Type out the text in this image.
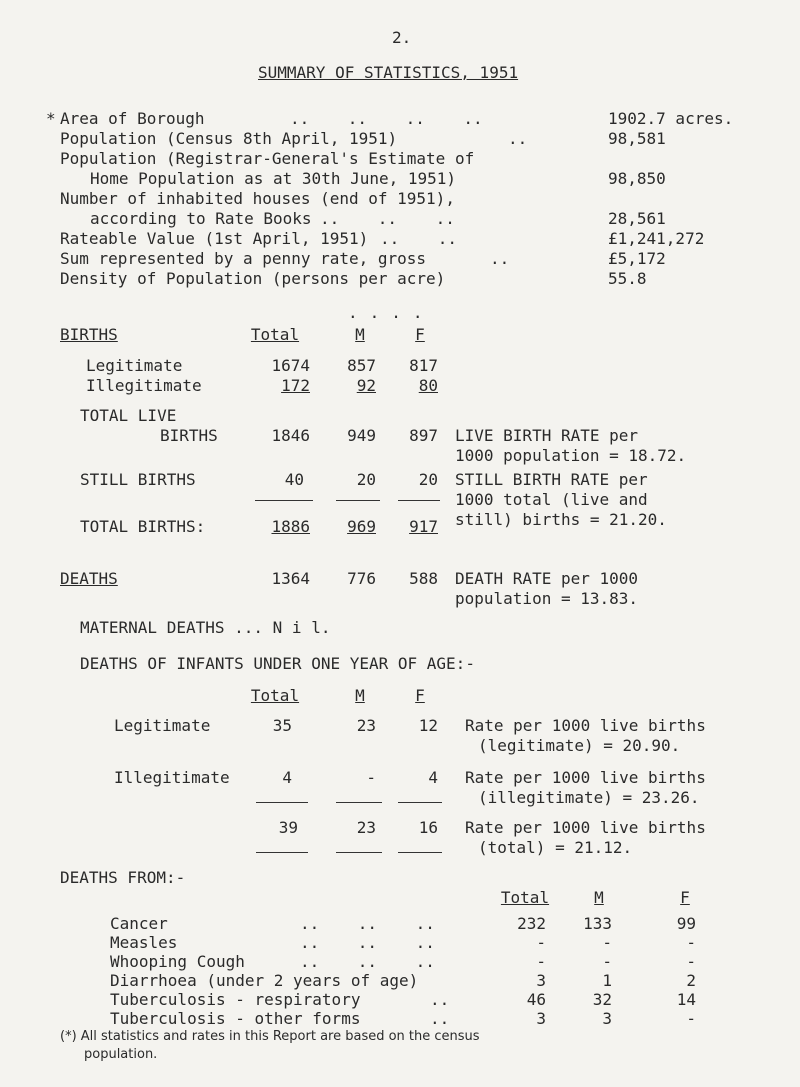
2.
SUMMARY OF STATISTICS, 1951
* Area of Borough	..    ..    ..    ..	1902.7 acres.
Population (Census 8th April, 1951)	..	98,581
Population (Registrar-General's Estimate of
Home Population as at 30th June, 1951)	98,850
Number of inhabited houses (end of 1951),
according to Rate Books ..    ..    ..	28,561
Rateable Value (1st April, 1951) ..    ..	£1,241,272
Sum represented by a penny rate, gross	..	£5,172
Density of Population (persons per acre)	55.8
....
BIRTHS	Total	M	F
Legitimate	1674	857	817
Illegitimate	172	92	80
TOTAL LIVE
BIRTHS	1846	949	897 LIVE BIRTH RATE per
1000 population = 18.72.
STILL BIRTHS	40	20	20 STILL BIRTH RATE per
1000 total (live and
still) births = 21.20.
TOTAL BIRTHS:	1886	969	917
DEATHS	1364	776	588 DEATH RATE per 1000
population = 13.83.
MATERNAL DEATHS ... N i l.
DEATHS OF INFANTS UNDER ONE YEAR OF AGE:-
Total	M	F
Legitimate	35	23	12 Rate per 1000 live births
(legitimate) = 20.90.
Illegitimate	4	-	4 Rate per 1000 live births
(illegitimate) = 23.26.
39	23	16 Rate per 1000 live births
(total) = 21.12.
DEATHS FROM:-
Total	M	F
Cancer	232	133	99
..    ..    ..
Measles	-	-	-
..    ..    ..
Whooping Cough	-	-	-
..    ..    ..
Diarrhoea (under 2 years of age)	3	1	2
Tuberculosis - respiratory	46	32	14
..
Tuberculosis - other forms	3	3	-
..
(*) All statistics and rates in this Report are based on the census
population.
